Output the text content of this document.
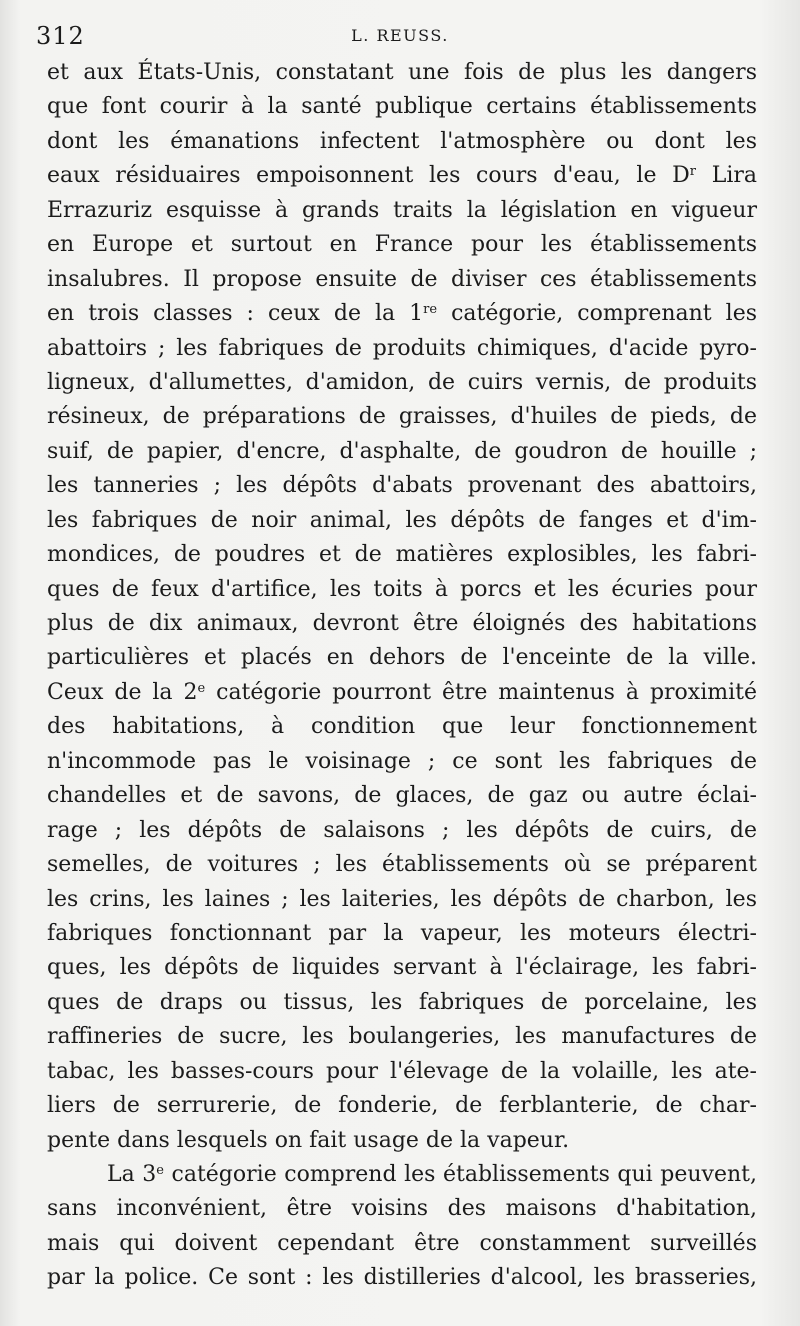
312	L. REUSS.
et aux États-Unis, constatant une fois de plus les dangers
que font courir à la santé publique certains établissements
dont les émanations infectent l'atmosphère ou dont les
eaux résiduaires empoisonnent les cours d'eau, le $D^r$ Lira
Errazuriz esquisse à grands traits la législation en vigueur
en Europe et surtout en France pour les établissements
insalubres. Il propose ensuite de diviser ces établissements
en trois classes : ceux de la 1re catégorie, comprenant les
abattoirs ; les fabriques de produits chimiques, d'acide pyro-
ligneux, d'allumettes, d'amidon, de cuirs vernis, de produits
résineux, de préparations de graisses, d'huiles de pieds, de
suif, de papier, d'encre, d'asphalte, de goudron de houille ;
les tanneries ; les dépôts d'abats provenant des abattoirs,
les fabriques de noir animal, les dépôts de fanges et d'im-
mondices, de poudres et de matières explosibles, les fabri-
ques de feux d'artifice, les toits à porcs et les écuries pour
plus de dix animaux, devront être éloignés des habitations
particulières et placés en dehors de l'enceinte de la ville.
Ceux de la 2e catégorie pourront être maintenus à proximité
des habitations, à condition que leur fonctionnement
n'incommode pas le voisinage ; ce sont les fabriques de
chandelles et de savons, de glaces, de gaz ou autre éclai-
rage ; les dépôts de salaisons ; les dépôts de cuirs, de
semelles, de voitures ; les établissements où se préparent
les crins, les laines ; les laiteries, les dépôts de charbon, les
fabriques fonctionnant par la vapeur, les moteurs électri-
ques, les dépôts de liquides servant à l'éclairage, les fabri-
ques de draps ou tissus, les fabriques de porcelaine, les
raffineries de sucre, les boulangeries, les manufactures de
tabac, les basses-cours pour l'élevage de la volaille, les ate-
liers de serrurerie, de fonderie, de ferblanterie, de char-
pente dans lesquels on fait usage de la vapeur.
La 3e catégorie comprend les établissements qui peuvent,
sans inconvénient, être voisins des maisons d'habitation,
mais qui doivent cependant être constamment surveillés
par la police. Ce sont : les distilleries d'alcool, les brasseries,
